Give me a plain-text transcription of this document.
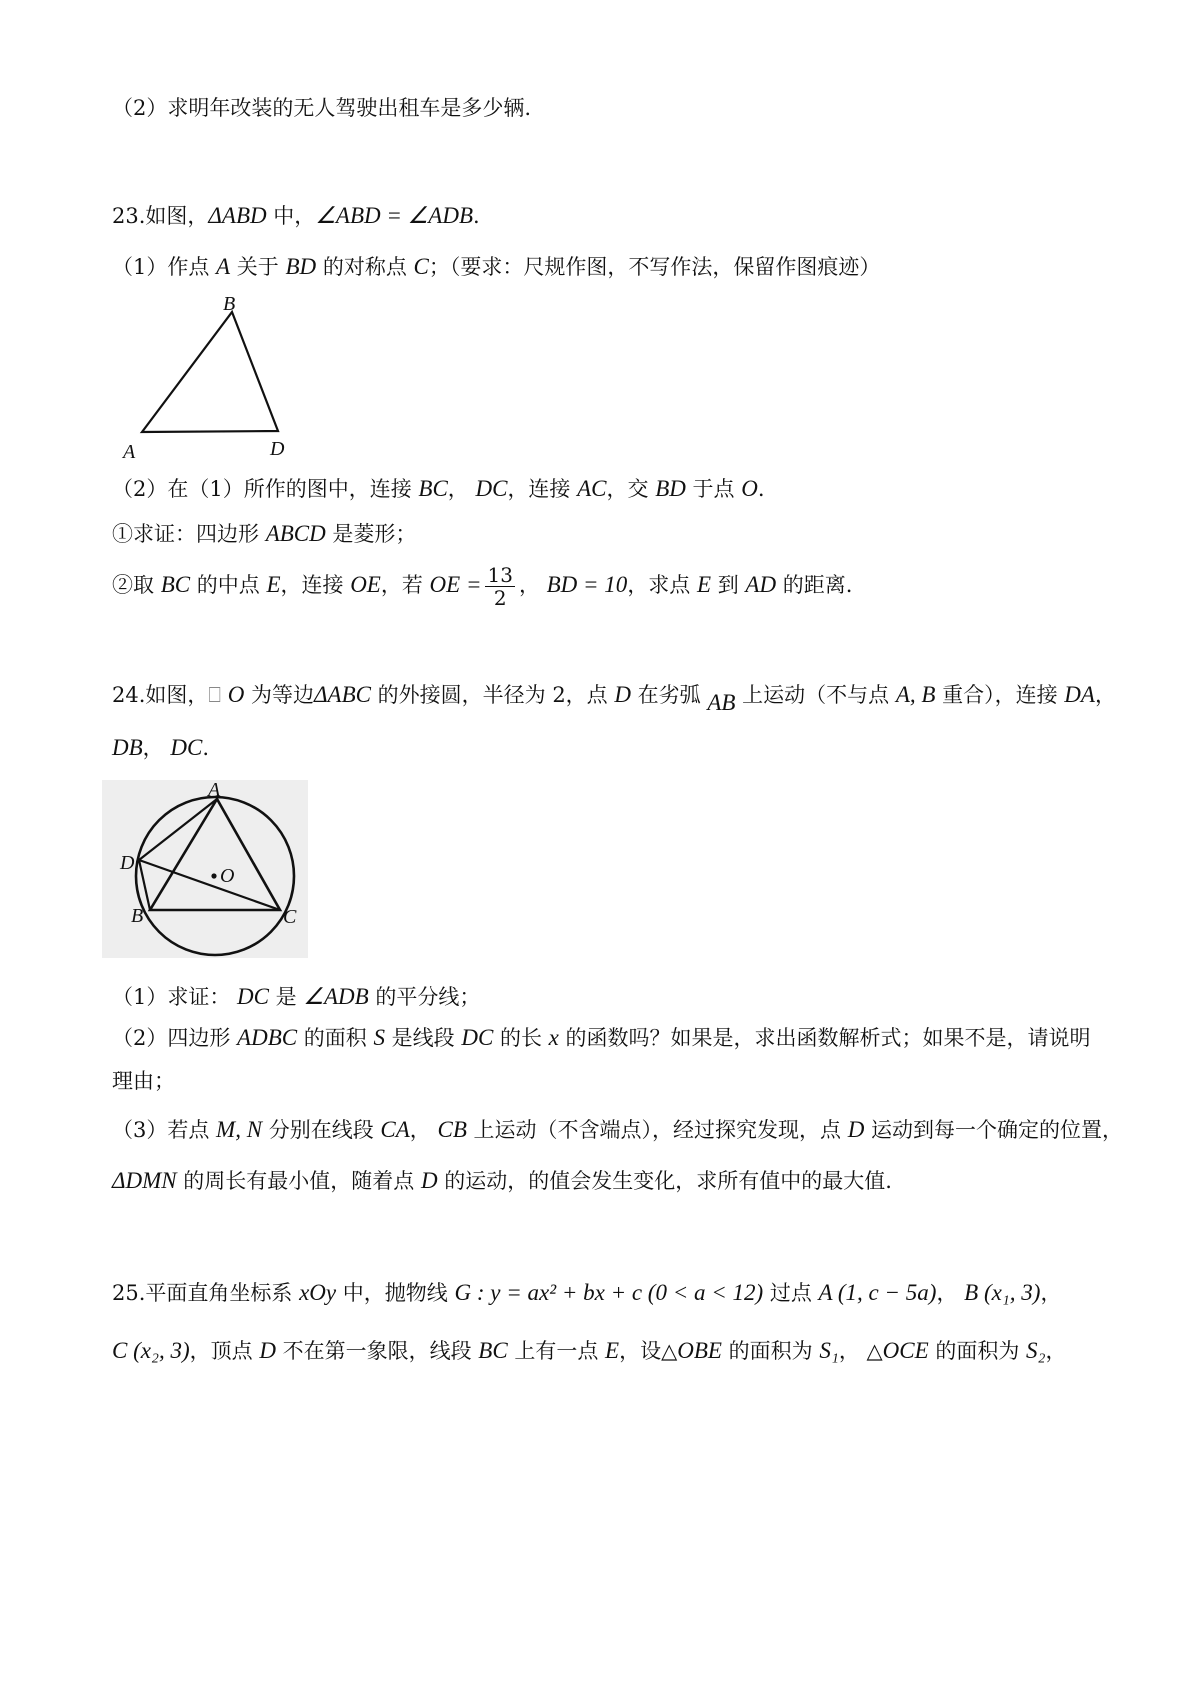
（2）求明年改装的无人驾驶出租车是多少辆.
23.如图，ΔABD 中，∠ABD = ∠ADB.
（1）作点 A 关于 BD 的对称点 C；（要求：尺规作图，不写作法，保留作图痕迹）
B
A	D
（2）在（1）所作的图中，连接 BC， DC，连接 AC，交 BD 于点 O.
①求证：四边形 ABCD 是菱形；
②取 BC 的中点 E，连接 OE，若 OE = $\frac{13}{2}$ ， BD = 10，求点 E 到 AD 的距离.
24.如图，⎕ O 为等边ΔABC 的外接圆，半径为 2，点 D 在劣弧 AB 上运动（不与点 A, B 重合），连接 DA，
DB， DC.
A
D
O
B	C
（1）求证： DC 是 ∠ADB 的平分线；
（2）四边形 ADBC 的面积 S 是线段 DC 的长 x 的函数吗？如果是，求出函数解析式；如果不是，请说明
理由；
（3）若点 M, N 分别在线段 CA， CB 上运动（不含端点），经过探究发现，点 D 运动到每一个确定的位置，
ΔDMN 的周长有最小值，随着点 D 的运动，的值会发生变化，求所有值中的最大值.
25.平面直角坐标系 xOy 中，抛物线 G : y = ax² + bx + c (0 < a < 12) 过点 A (1, c − 5a)， B (x₁, 3)，
C (x₂, 3)，顶点 D 不在第一象限，线段 BC 上有一点 E，设△OBE 的面积为 S₁， △OCE 的面积为 S₂，
